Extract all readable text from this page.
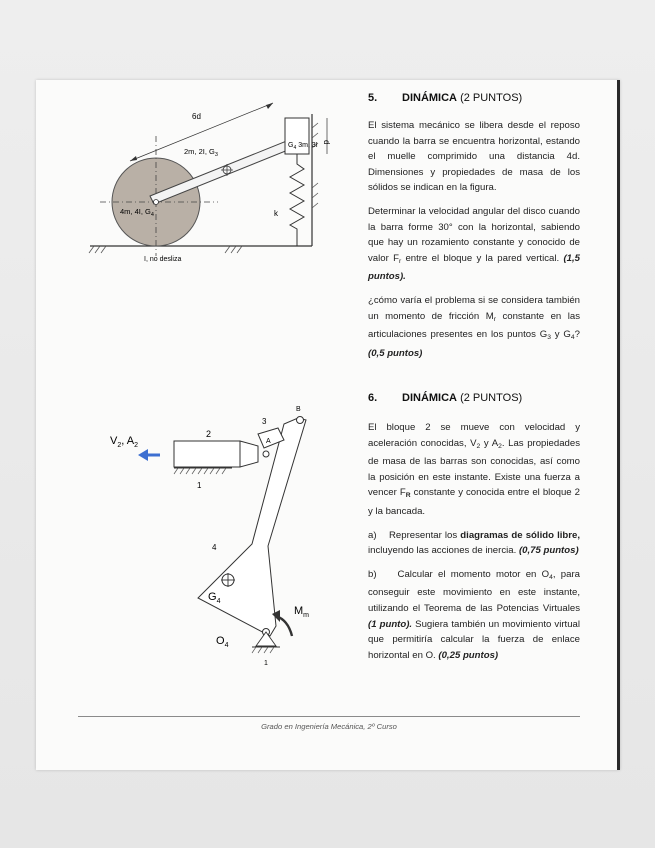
d
6d
2m, 2I, $G_3$
$G_4$ 3m, 3I
4m, 4I, $G_4$	k
I, no desliza
$V_2$, $A_2$
2
1
3
A
B
4
$G_4$
1
$O_4$
$M_m$
5. DINÁMICA (2 PUNTOS)

El sistema mecánico se libera desde el reposo cuando la barra se encuentra horizontal, estando el muelle comprimido una distancia 4d. Dimensiones y propiedades de masa de los sólidos se indican en la figura.

Determinar la velocidad angular del disco cuando la barra forme 30° con la horizontal, sabiendo que hay un rozamiento constante y conocido de valor $F_r$ entre el bloque y la pared vertical. (1,5 puntos).

¿cómo varía el problema si se considera también un momento de fricción $M_r$ constante en las articulaciones presentes en los puntos $G_3$ y $G_4$? (0,5 puntos)

6. DINÁMICA (2 PUNTOS)

El bloque 2 se mueve con velocidad y aceleración conocidas, $V_2$ y $A_2$. Las propiedades de masa de las barras son conocidas, así como la posición en este instante. Existe una fuerza a vencer $F_R$ constante y conocida entre el bloque 2 y la bancada.

a) Representar los diagramas de sólido libre, incluyendo las acciones de inercia. (0,75 puntos)

b) Calcular el momento motor en $O_4$, para conseguir este movimiento en este instante, utilizando el Teorema de las Potencias Virtuales (1 punto). Sugiera también un movimiento virtual que permitiría calcular la fuerza de enlace horizontal en O. (0,25 puntos)

Grado en Ingeniería Mecánica, 2º Curso
